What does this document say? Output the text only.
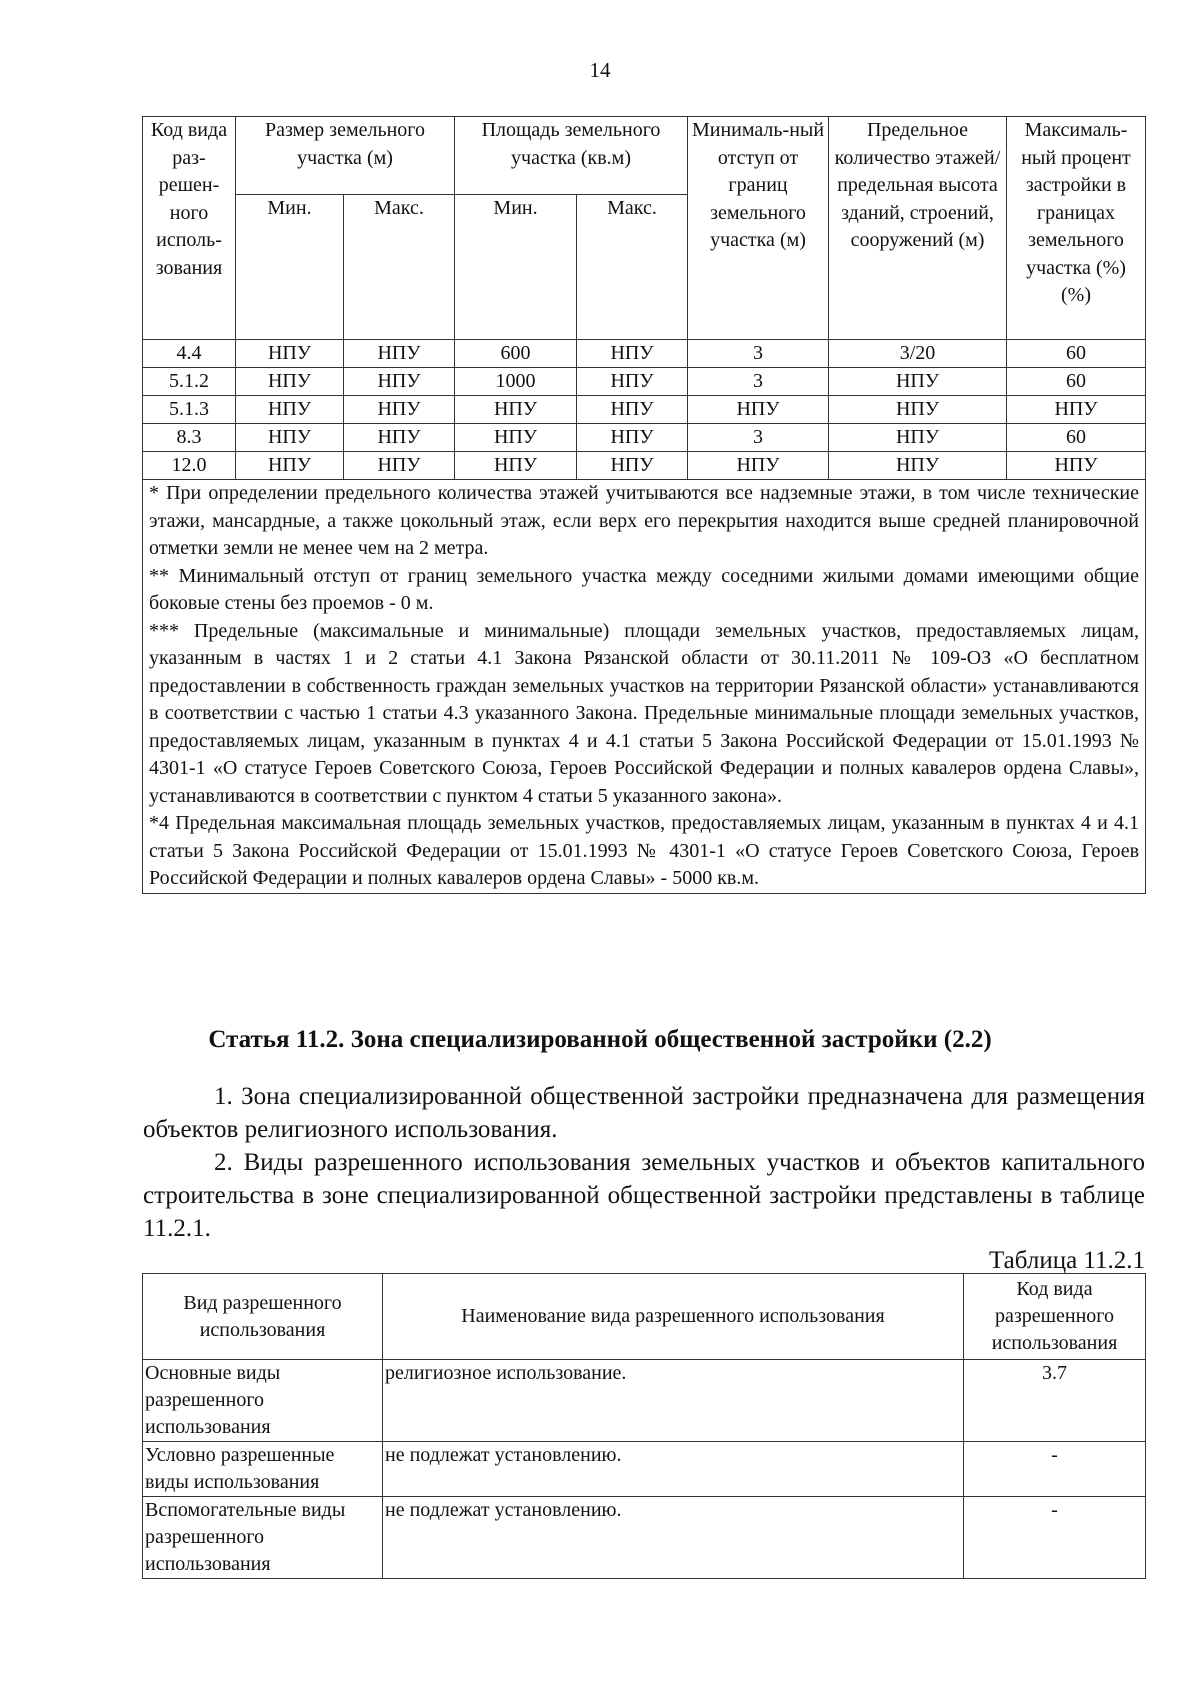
14
Код вида раз-решен-ного исполь-зования	Размер земельного участка (м)		Площадь земельного участка (кв.м)		Минималь-ный отступ от границ земельного участка (м)	Предельное количество этажей/ предельная высота зданий, строений, сооружений (м)	Максималь-ный процент застройки в границах земельного участка (%) (%)
	Мин.	Макс.	Мин.	Макс.			
4.4	НПУ	НПУ	600	НПУ	3	3/20	60
5.1.2	НПУ	НПУ	1000	НПУ	3	НПУ	60
5.1.3	НПУ	НПУ	НПУ	НПУ	НПУ	НПУ	НПУ
8.3	НПУ	НПУ	НПУ	НПУ	3	НПУ	60
12.0	НПУ	НПУ	НПУ	НПУ	НПУ	НПУ	НПУ

* При определении предельного количества этажей учитываются все надземные этажи, в том числе технические этажи, мансардные, а также цокольный этаж, если верх его перекрытия находится выше средней планировочной отметки земли не менее чем на 2 метра.
** Минимальный отступ от границ земельного участка между соседними жилыми домами имеющими общие боковые стены без проемов - 0 м.
*** Предельные (максимальные и минимальные) площади земельных участков, предоставляемых лицам, указанным в частях 1 и 2 статьи 4.1 Закона Рязанской области от 30.11.2011 № 109-ОЗ «О бесплатном предоставлении в собственность граждан земельных участков на территории Рязанской области» устанавливаются в соответствии с частью 1 статьи 4.3 указанного Закона. Предельные минимальные площади земельных участков, предоставляемых лицам, указанным в пунктах 4 и 4.1 статьи 5 Закона Российской Федерации от 15.01.1993 № 4301-1 «О статусе Героев Советского Союза, Героев Российской Федерации и полных кавалеров ордена Славы», устанавливаются в соответствии с пунктом 4 статьи 5 указанного закона».
*4 Предельная максимальная площадь земельных участков, предоставляемых лицам, указанным в пунктах 4 и 4.1 статьи 5 Закона Российской Федерации от 15.01.1993 № 4301-1 «О статусе Героев Советского Союза, Героев Российской Федерации и полных кавалеров ордена Славы» - 5000 кв.м.							
Статья 11.2. Зона специализированной общественной застройки (2.2)

1. Зона специализированной общественной застройки предназначена для размещения объектов религиозного использования.

2. Виды разрешенного использования земельных участков и объектов капитального строительства в зоне специализированной общественной застройки представлены в таблице 11.2.1.

Таблица 11.2.1
Вид разрешенного использования	Наименование вида разрешенного использования	Код вида разрешенного использования
Основные виды разрешенного использования	религиозное использование.	3.7
Условно разрешенные виды использования	не подлежат установлению.	-
Вспомогательные виды разрешенного использования	не подлежат установлению.	-
